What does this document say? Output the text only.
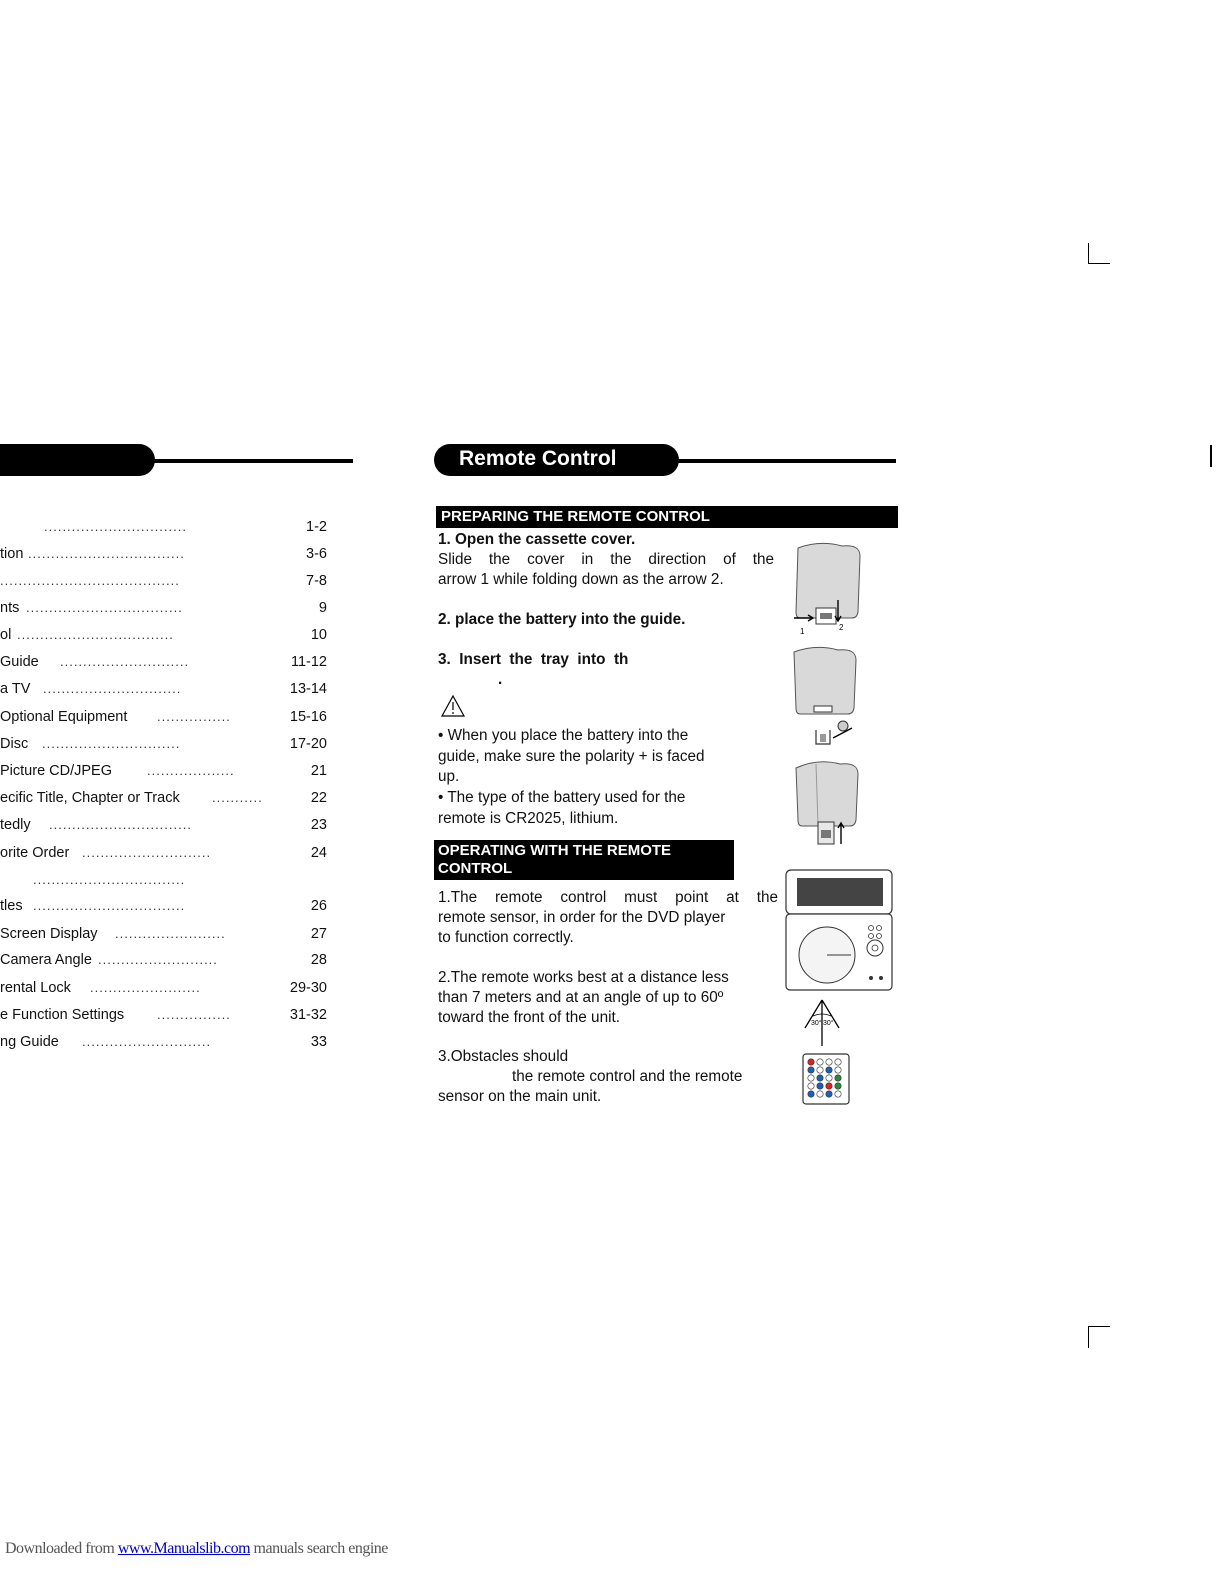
...............................	1-2
tion ..................................	3-6
.......................................	7-8
nts ..................................	9
ol ..................................	10
Guide ............................	11-12
a TV ..............................	13-14
Optional Equipment ................	15-16
Disc ..............................	17-20
Picture CD/JPEG	...................	21
ecific Title, Chapter or Track ...........	22
tedly ...............................	23
orite Order ............................	24
.................................
tles .................................	26
Screen Display ........................	27
Camera Angle ..........................	28
rental Lock ........................	29-30
e Function Settings	................	31-32
ng Guide ............................	33
Remote Control
PREPARING THE REMOTE CONTROL
1. Open the cassette cover.
Slide the cover in the direction of the
arrow 1 while folding down as the arrow 2.
2. place the battery into the guide.
3.  Insert  the  tray  into  th
.
• When you place the battery into the
guide, make sure the polarity + is faced
up.
• The type of the battery used for the
remote is CR2025, lithium.
1	2
OPERATING WITH THE REMOTE
CONTROL
1.The remote control must point at the
remote sensor, in order for the DVD player
to function correctly.
2.The remote works best at a distance less
than 7 meters and at an angle of up to 60º
toward the front of the unit.
3.Obstacles should
the remote control and the remote
sensor on the main unit.
30° 30°
Downloaded from www.Manualslib.com manuals search engine
